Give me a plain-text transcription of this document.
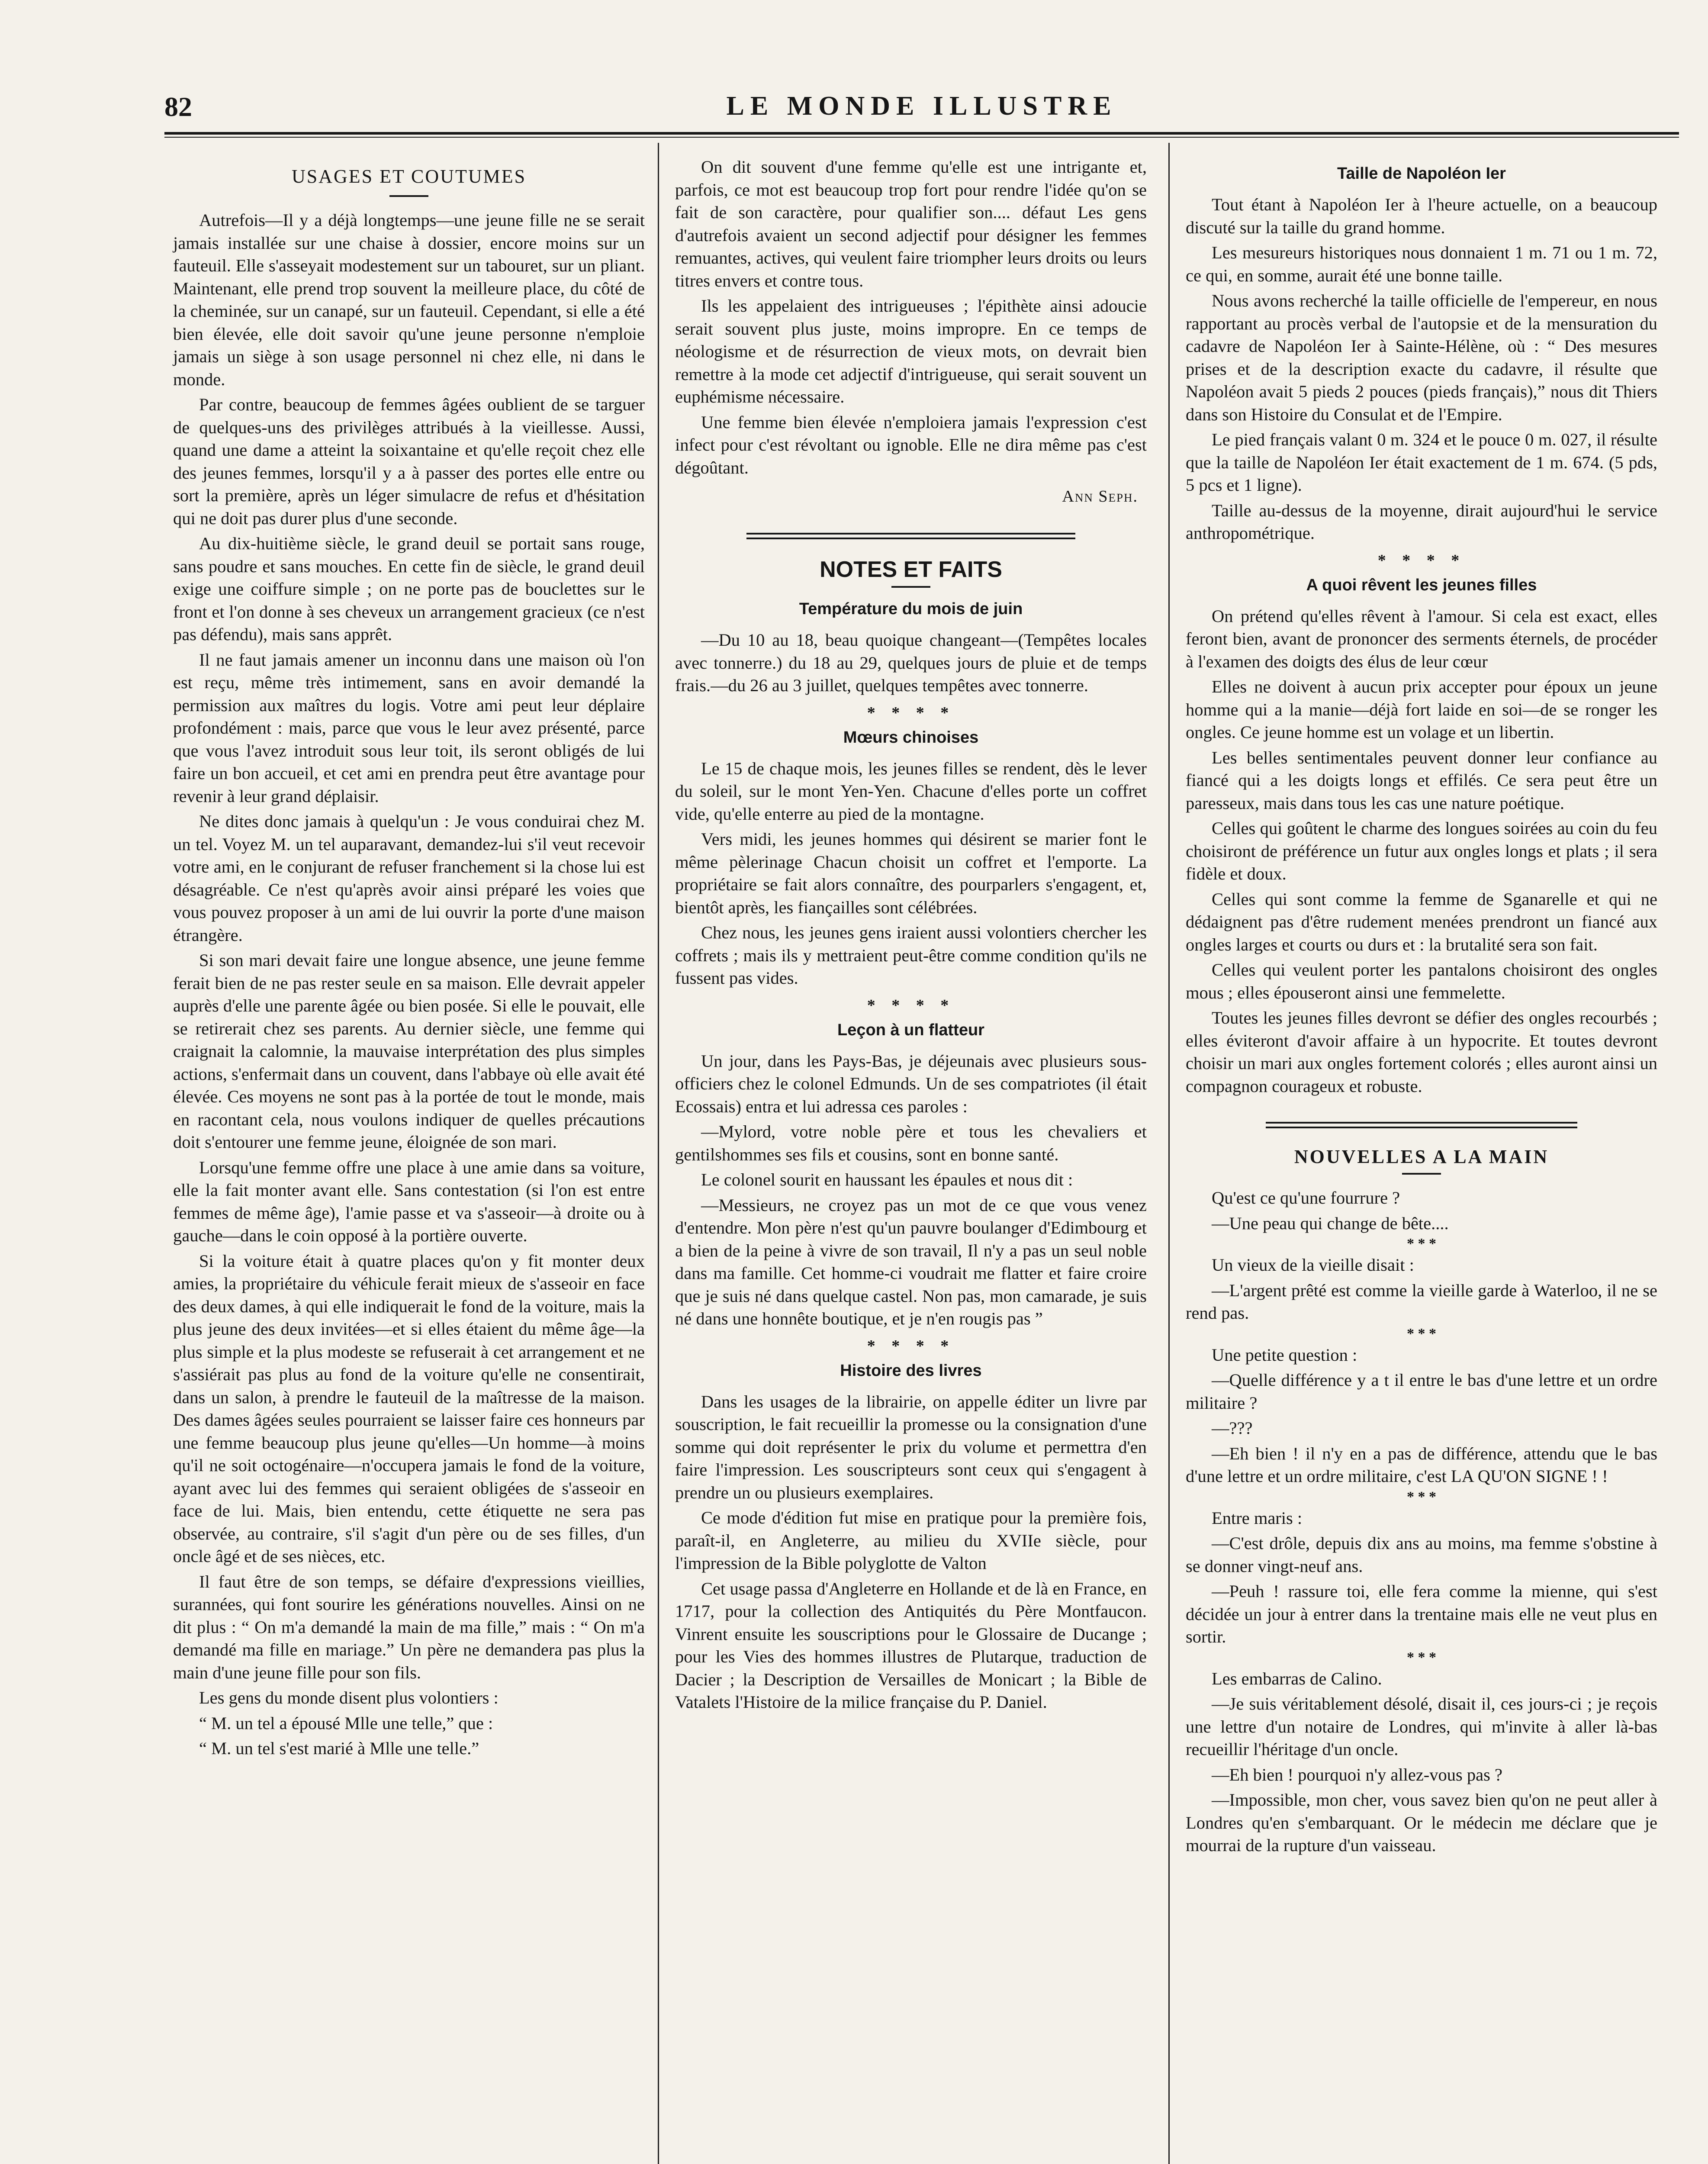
82	LE MONDE ILLUSTRE
USAGES ET COUTUMES

Autrefois—Il y a déjà longtemps—une jeune fille ne se serait jamais installée sur une chaise à dossier, encore moins sur un fauteuil. Elle s'asseyait modestement sur un tabouret, sur un pliant. Maintenant, elle prend trop souvent la meilleure place, du côté de la cheminée, sur un canapé, sur un fauteuil. Cependant, si elle a été bien élevée, elle doit savoir qu'une jeune personne n'emploie jamais un siège à son usage personnel ni chez elle, ni dans le monde.

Par contre, beaucoup de femmes âgées oublient de se targuer de quelques-uns des privilèges attribués à la vieillesse. Aussi, quand une dame a atteint la soixantaine et qu'elle reçoit chez elle des jeunes femmes, lorsqu'il y a à passer des portes elle entre ou sort la première, après un léger simulacre de refus et d'hésitation qui ne doit pas durer plus d'une seconde.

Au dix-huitième siècle, le grand deuil se portait sans rouge, sans poudre et sans mouches. En cette fin de siècle, le grand deuil exige une coiffure simple ; on ne porte pas de bouclettes sur le front et l'on donne à ses cheveux un arrangement gracieux (ce n'est pas défendu), mais sans apprêt.

Il ne faut jamais amener un inconnu dans une maison où l'on est reçu, même très intimement, sans en avoir demandé la permission aux maîtres du logis. Votre ami peut leur déplaire profondément : mais, parce que vous le leur avez présenté, parce que vous l'avez introduit sous leur toit, ils seront obligés de lui faire un bon accueil, et cet ami en prendra peut être avantage pour revenir à leur grand déplaisir.

Ne dites donc jamais à quelqu'un : Je vous conduirai chez M. un tel. Voyez M. un tel auparavant, demandez-lui s'il veut recevoir votre ami, en le conjurant de refuser franchement si la chose lui est désagréable. Ce n'est qu'après avoir ainsi préparé les voies que vous pouvez proposer à un ami de lui ouvrir la porte d'une maison étrangère.

Si son mari devait faire une longue absence, une jeune femme ferait bien de ne pas rester seule en sa maison. Elle devrait appeler auprès d'elle une parente âgée ou bien posée. Si elle le pouvait, elle se retirerait chez ses parents. Au dernier siècle, une femme qui craignait la calomnie, la mauvaise interprétation des plus simples actions, s'enfermait dans un couvent, dans l'abbaye où elle avait été élevée. Ces moyens ne sont pas à la portée de tout le monde, mais en racontant cela, nous voulons indiquer de quelles précautions doit s'entourer une femme jeune, éloignée de son mari.

Lorsqu'une femme offre une place à une amie dans sa voiture, elle la fait monter avant elle. Sans contestation (si l'on est entre femmes de même âge), l'amie passe et va s'asseoir—à droite ou à gauche—dans le coin opposé à la portière ouverte.

Si la voiture était à quatre places qu'on y fit monter deux amies, la propriétaire du véhicule ferait mieux de s'asseoir en face des deux dames, à qui elle indiquerait le fond de la voiture, mais la plus jeune des deux invitées—et si elles étaient du même âge—la plus simple et la plus modeste se refuserait à cet arrangement et ne s'assiérait pas plus au fond de la voiture qu'elle ne consentirait, dans un salon, à prendre le fauteuil de la maîtresse de la maison. Des dames âgées seules pourraient se laisser faire ces honneurs par une femme beaucoup plus jeune qu'elles—Un homme—à moins qu'il ne soit octogénaire—n'occupera jamais le fond de la voiture, ayant avec lui des femmes qui seraient obligées de s'asseoir en face de lui. Mais, bien entendu, cette étiquette ne sera pas observée, au contraire, s'il s'agit d'un père ou de ses filles, d'un oncle âgé et de ses nièces, etc.

Il faut être de son temps, se défaire d'expressions vieillies, surannées, qui font sourire les générations nouvelles. Ainsi on ne dit plus : “ On m'a demandé la main de ma fille,” mais : “ On m'a demandé ma fille en mariage.” Un père ne demandera pas plus la main d'une jeune fille pour son fils.

Les gens du monde disent plus volontiers :

“ M. un tel a épousé Mlle une telle,” que :

“ M. un tel s'est marié à Mlle une telle.”

On dit souvent d'une femme qu'elle est une intrigante et, parfois, ce mot est beaucoup trop fort pour rendre l'idée qu'on se fait de son caractère, pour qualifier son.... défaut Les gens d'autrefois avaient un second adjectif pour désigner les femmes remuantes, actives, qui veulent faire triompher leurs droits ou leurs titres envers et contre tous.

Ils les appelaient des intrigueuses ; l'épithète ainsi adoucie serait souvent plus juste, moins impropre. En ce temps de néologisme et de résurrection de vieux mots, on devrait bien remettre à la mode cet adjectif d'intrigueuse, qui serait souvent un euphémisme nécessaire.

Une femme bien élevée n'emploiera jamais l'expression c'est infect pour c'est révoltant ou ignoble. Elle ne dira même pas c'est dégoûtant.

Ann Seph.
NOTES ET FAITS
Température du mois de juin

—Du 10 au 18, beau quoique changeant—(Tempêtes locales avec tonnerre.) du 18 au 29, quelques jours de pluie et de temps frais.—du 26 au 3 juillet, quelques tempêtes avec tonnerre.

* * * *
Mœurs chinoises

Le 15 de chaque mois, les jeunes filles se rendent, dès le lever du soleil, sur le mont Yen-Yen. Chacune d'elles porte un coffret vide, qu'elle enterre au pied de la montagne.

Vers midi, les jeunes hommes qui désirent se marier font le même pèlerinage Chacun choisit un coffret et l'emporte. La propriétaire se fait alors connaître, des pourparlers s'engagent, et, bientôt après, les fiançailles sont célébrées.

Chez nous, les jeunes gens iraient aussi volontiers chercher les coffrets ; mais ils y mettraient peut-être comme condition qu'ils ne fussent pas vides.

* * * *
Leçon à un flatteur

Un jour, dans les Pays-Bas, je déjeunais avec plusieurs sous-officiers chez le colonel Edmunds. Un de ses compatriotes (il était Ecossais) entra et lui adressa ces paroles :

—Mylord, votre noble père et tous les chevaliers et gentilshommes ses fils et cousins, sont en bonne santé.

Le colonel sourit en haussant les épaules et nous dit :

—Messieurs, ne croyez pas un mot de ce que vous venez d'entendre. Mon père n'est qu'un pauvre boulanger d'Edimbourg et a bien de la peine à vivre de son travail, Il n'y a pas un seul noble dans ma famille. Cet homme-ci voudrait me flatter et faire croire que je suis né dans quelque castel. Non pas, mon camarade, je suis né dans une honnête boutique, et je n'en rougis pas ”

* * * *
Histoire des livres

Dans les usages de la librairie, on appelle éditer un livre par souscription, le fait recueillir la promesse ou la consignation d'une somme qui doit représenter le prix du volume et permettra d'en faire l'impression. Les souscripteurs sont ceux qui s'engagent à prendre un ou plusieurs exemplaires.

Ce mode d'édition fut mise en pratique pour la première fois, paraît-il, en Angleterre, au milieu du XVIIe siècle, pour l'impression de la Bible polyglotte de Valton

Cet usage passa d'Angleterre en Hollande et de là en France, en 1717, pour la collection des Antiquités du Père Montfaucon. Vinrent ensuite les souscriptions pour le Glossaire de Ducange ; pour les Vies des hommes illustres de Plutarque, traduction de Dacier ; la Description de Versailles de Monicart ; la Bible de Vatalets l'Histoire de la milice française du P. Daniel.

Taille de Napoléon Ier

Tout étant à Napoléon Ier à l'heure actuelle, on a beaucoup discuté sur la taille du grand homme.

Les mesureurs historiques nous donnaient 1 m. 71 ou 1 m. 72, ce qui, en somme, aurait été une bonne taille.

Nous avons recherché la taille officielle de l'empereur, en nous rapportant au procès verbal de l'autopsie et de la mensuration du cadavre de Napoléon Ier à Sainte-Hélène, où : “ Des mesures prises et de la description exacte du cadavre, il résulte que Napoléon avait 5 pieds 2 pouces (pieds français),” nous dit Thiers dans son Histoire du Consulat et de l'Empire.

Le pied français valant 0 m. 324 et le pouce 0 m. 027, il résulte que la taille de Napoléon Ier était exactement de 1 m. 674. (5 pds, 5 pcs et 1 ligne).

Taille au-dessus de la moyenne, dirait aujourd'hui le service anthropométrique.

* * * *
A quoi rêvent les jeunes filles

On prétend qu'elles rêvent à l'amour. Si cela est exact, elles feront bien, avant de prononcer des serments éternels, de procéder à l'examen des doigts des élus de leur cœur

Elles ne doivent à aucun prix accepter pour époux un jeune homme qui a la manie—déjà fort laide en soi—de se ronger les ongles. Ce jeune homme est un volage et un libertin.

Les belles sentimentales peuvent donner leur confiance au fiancé qui a les doigts longs et effilés. Ce sera peut être un paresseux, mais dans tous les cas une nature poétique.

Celles qui goûtent le charme des longues soirées au coin du feu choisiront de préférence un futur aux ongles longs et plats ; il sera fidèle et doux.

Celles qui sont comme la femme de Sganarelle et qui ne dédaignent pas d'être rudement menées prendront un fiancé aux ongles larges et courts ou durs et : la brutalité sera son fait.

Celles qui veulent porter les pantalons choisiront des ongles mous ; elles épouseront ainsi une femmelette.

Toutes les jeunes filles devront se défier des ongles recourbés ; elles éviteront d'avoir affaire à un hypocrite. Et toutes devront choisir un mari aux ongles fortement colorés ; elles auront ainsi un compagnon courageux et robuste.

NOUVELLES A LA MAIN

Qu'est ce qu'une fourrure ?

—Une peau qui change de bête....

* * *

Un vieux de la vieille disait :

—L'argent prêté est comme la vieille garde à Waterloo, il ne se rend pas.

* * *

Une petite question :

—Quelle différence y a t il entre le bas d'une lettre et un ordre militaire ?

—???

—Eh bien ! il n'y en a pas de différence, attendu que le bas d'une lettre et un ordre militaire, c'est LA QU'ON SIGNE ! !

* * *

Entre maris :

—C'est drôle, depuis dix ans au moins, ma femme s'obstine à se donner vingt-neuf ans.

—Peuh ! rassure toi, elle fera comme la mienne, qui s'est décidée un jour à entrer dans la trentaine mais elle ne veut plus en sortir.

* * *

Les embarras de Calino.

—Je suis véritablement désolé, disait il, ces jours-ci ; je reçois une lettre d'un notaire de Londres, qui m'invite à aller là-bas recueillir l'héritage d'un oncle.

—Eh bien ! pourquoi n'y allez-vous pas ?

—Impossible, mon cher, vous savez bien qu'on ne peut aller à Londres qu'en s'embarquant. Or le médecin me déclare que je mourrai de la rupture d'un vaisseau.
